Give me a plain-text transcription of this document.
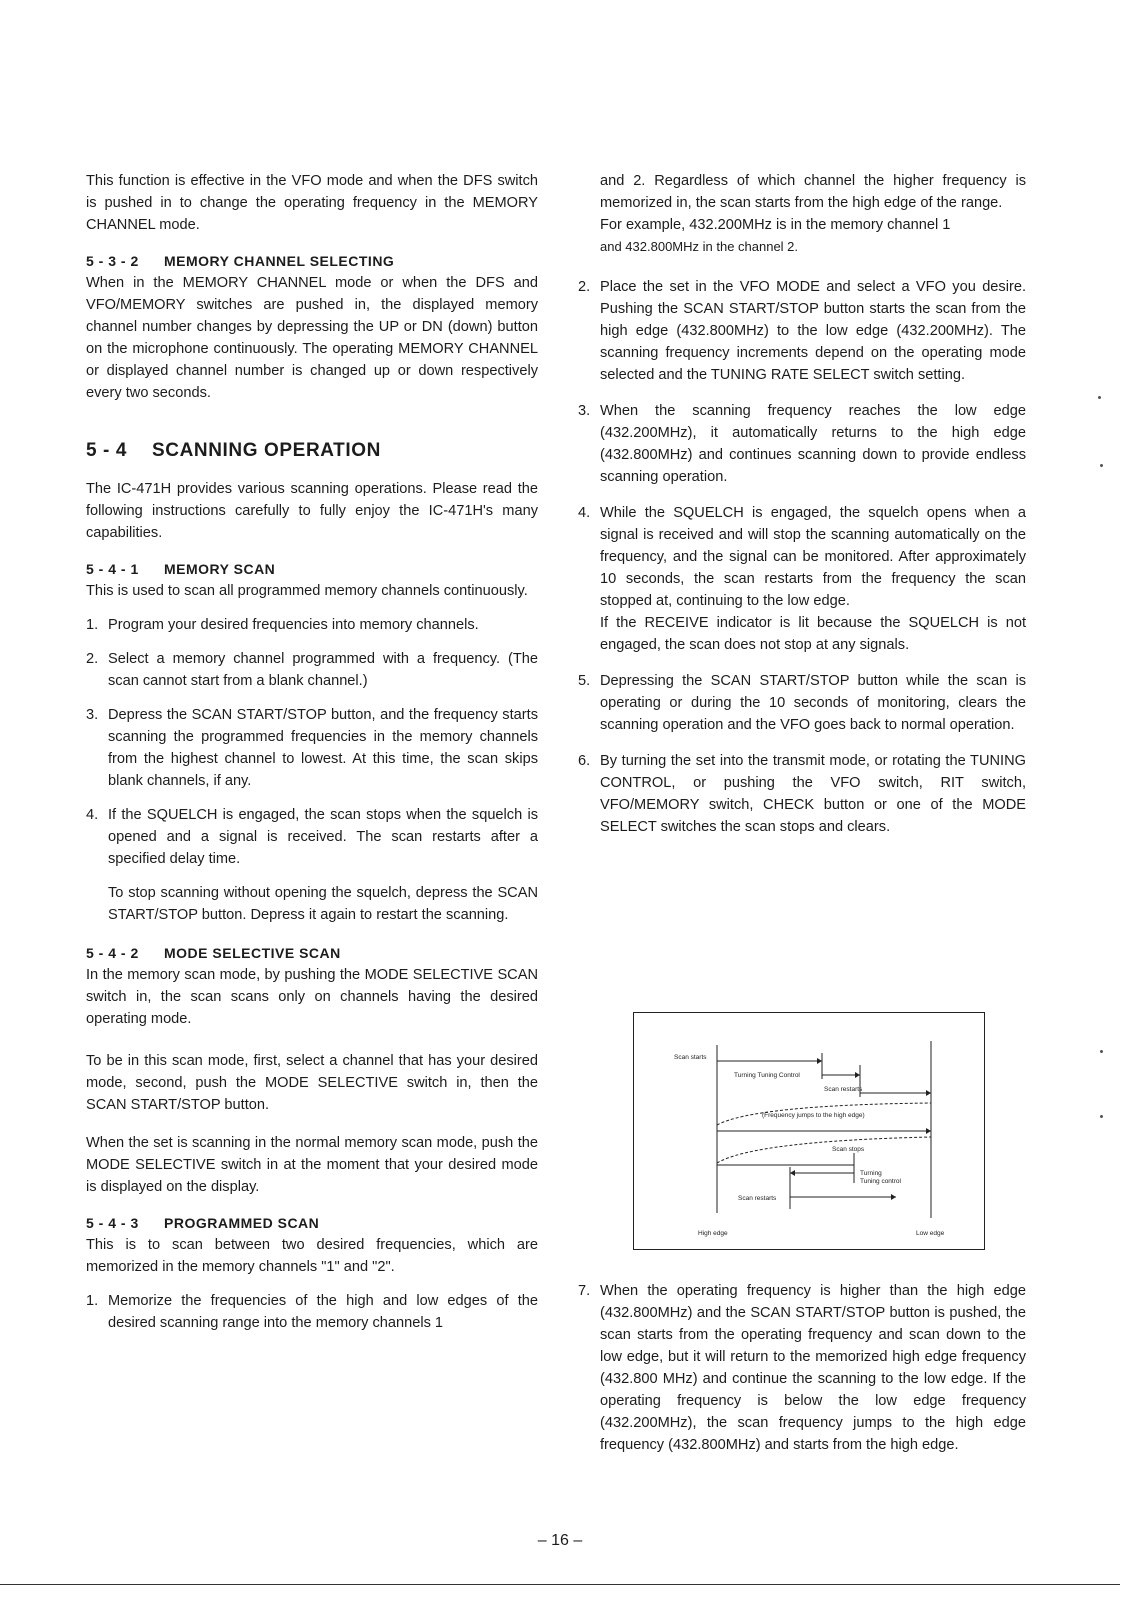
This function is effective in the VFO mode and when the DFS switch is pushed in to change the operating frequency in the MEMORY CHANNEL mode.

5 - 3 - 2 MEMORY CHANNEL SELECTING

When in the MEMORY CHANNEL mode or when the DFS and VFO/MEMORY switches are pushed in, the displayed memory channel number changes by depressing the UP or DN (down) button on the microphone continuously. The operating MEMORY CHANNEL or displayed channel number is changed up or down respectively every two seconds.

5 - 4 SCANNING OPERATION

The IC-471H provides various scanning operations. Please read the following instructions carefully to fully enjoy the IC-471H's many capabilities.

5 - 4 - 1 MEMORY SCAN

This is used to scan all programmed memory channels continuously.

1. Program your desired frequencies into memory channels.
2. Select a memory channel programmed with a frequency. (The scan cannot start from a blank channel.)
3. Depress the SCAN START/STOP button, and the frequency starts scanning the programmed frequencies in the memory channels from the highest channel to lowest. At this time, the scan skips blank channels, if any.
4. If the SQUELCH is engaged, the scan stops when the squelch is opened and a signal is received. The scan restarts after a specified delay time.

To stop scanning without opening the squelch, depress the SCAN START/STOP button. Depress it again to restart the scanning.

5 - 4 - 2 MODE SELECTIVE SCAN

In the memory scan mode, by pushing the MODE SELECTIVE SCAN switch in, the scan scans only on channels having the desired operating mode.

To be in this scan mode, first, select a channel that has your desired mode, second, push the MODE SELECTIVE switch in, then the SCAN START/STOP button.

When the set is scanning in the normal memory scan mode, push the MODE SELECTIVE switch in at the moment that your desired mode is displayed on the display.

5 - 4 - 3 PROGRAMMED SCAN

This is to scan between two desired frequencies, which are memorized in the memory channels "1" and "2".

1. Memorize the frequencies of the high and low edges of the desired scanning range into the memory channels 1

and 2. Regardless of which channel the higher frequency is memorized in, the scan starts from the high edge of the range.

For example, 432.200MHz is in the memory channel 1

and 432.800MHz in the channel 2.

2. Place the set in the VFO MODE and select a VFO you desire. Pushing the SCAN START/STOP button starts the scan from the high edge (432.800MHz) to the low edge (432.200MHz). The scanning frequency increments depend on the operating mode selected and the TUNING RATE SELECT switch setting.
3. When the scanning frequency reaches the low edge (432.200MHz), it automatically returns to the high edge (432.800MHz) and continues scanning down to provide endless scanning operation.
4. While the SQUELCH is engaged, the squelch opens when a signal is received and will stop the scanning automatically on the frequency, and the signal can be monitored. After approximately 10 seconds, the scan restarts from the frequency the scan stopped at, continuing to the low edge.

If the RECEIVE indicator is lit because the SQUELCH is not engaged, the scan does not stop at any signals.

5. Depressing the SCAN START/STOP button while the scan is operating or during the 10 seconds of monitoring, clears the scanning operation and the VFO goes back to normal operation.
6. By turning the set into the transmit mode, or rotating the TUNING CONTROL, or pushing the VFO switch, RIT switch, VFO/MEMORY switch, CHECK button or one of the MODE SELECT switches the scan stops and clears.
7. When the operating frequency is higher than the high edge (432.800MHz) and the SCAN START/STOP button is pushed, the scan starts from the operating frequency and scan down to the low edge, but it will return to the memorized high edge frequency (432.800 MHz) and continue the scanning to the low edge. If the operating frequency is below the low edge frequency (432.200MHz), the scan frequency jumps to the high edge frequency (432.800MHz) and starts from the high edge.
Scan starts
Turning Tuning Control
Scan restarts
(Frequency jumps to the high edge)
Scan stops
Turning
Tuning control
Scan restarts
High edge	Low edge
– 16 –
